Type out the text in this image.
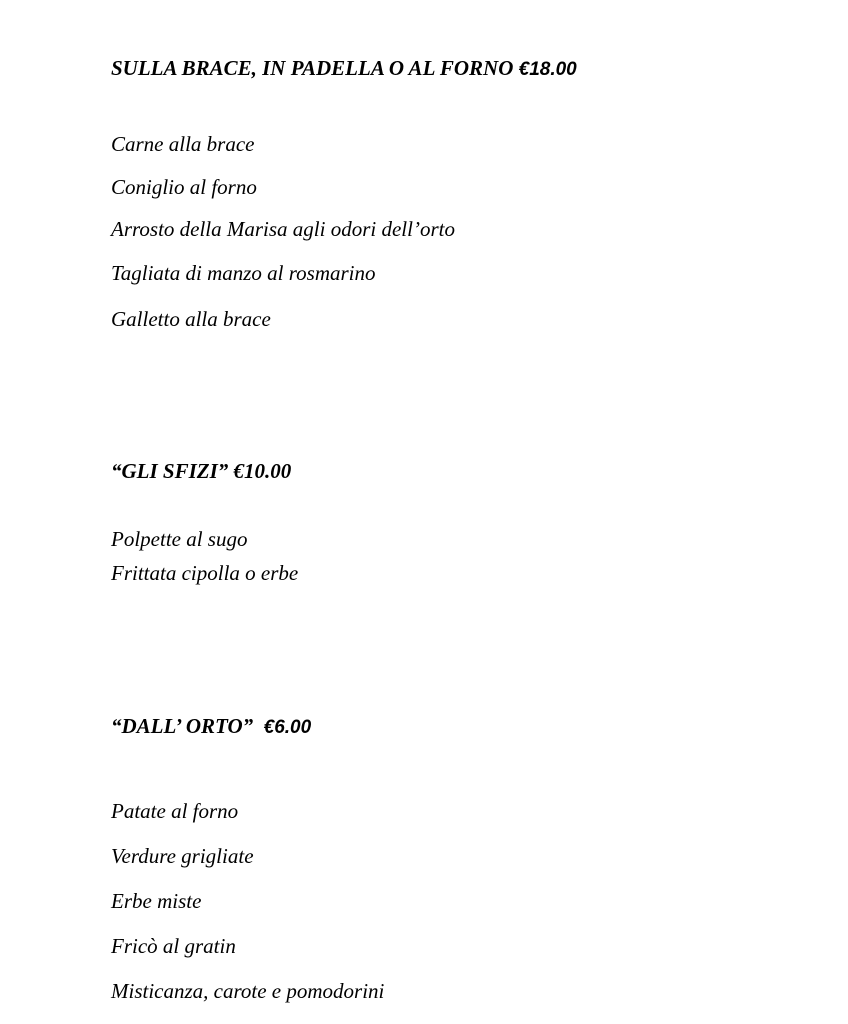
SULLA BRACE, IN PADELLA O AL FORNO €18.00
Carne alla brace
Coniglio al forno
Arrosto della Marisa agli odori dell’orto
Tagliata di manzo al rosmarino
Galletto alla brace
“GLI SFIZI” €10.00
Polpette al sugo
Frittata cipolla o erbe
“DALL’ ORTO”  €6.00
Patate al forno
Verdure grigliate
Erbe miste
Fricò al gratin
Misticanza, carote e pomodorini
